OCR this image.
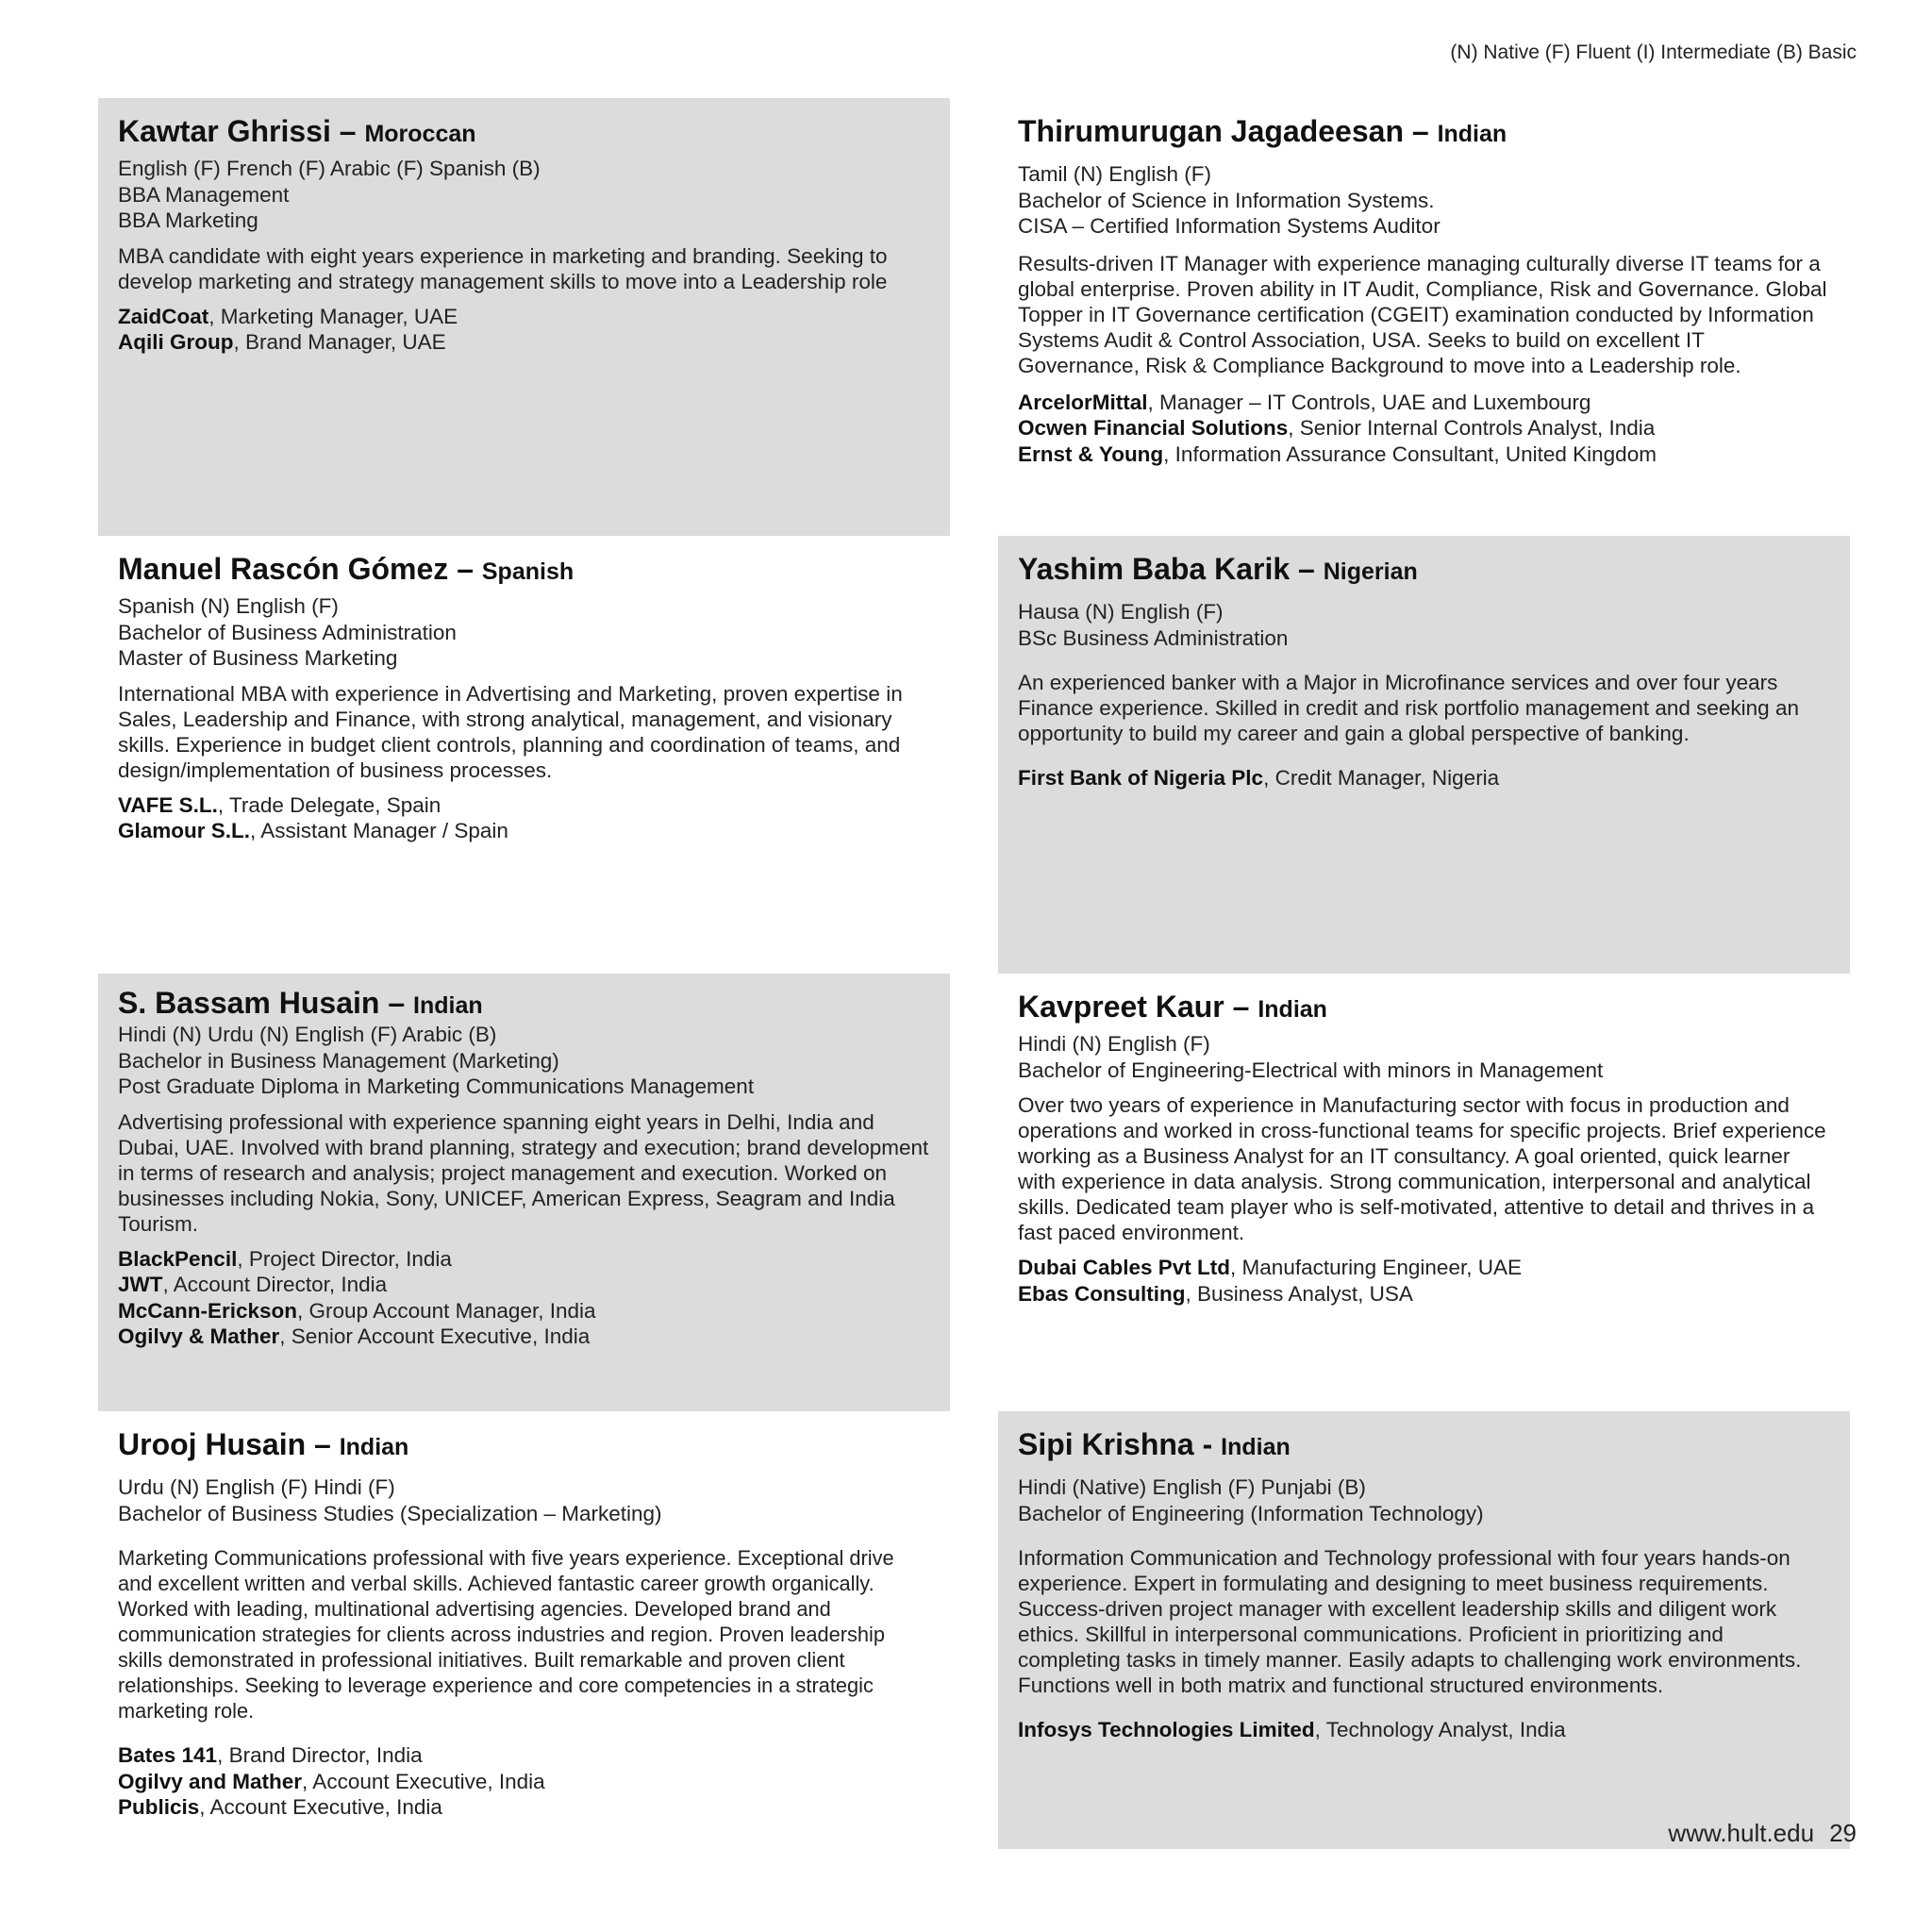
(N) Native (F) Fluent (I) Intermediate (B) Basic
Kawtar Ghrissi – Moroccan
English (F) French (F) Arabic (F) Spanish (B)
BBA Management
BBA Marketing
MBA candidate with eight years experience in marketing and branding. Seeking to develop marketing and strategy management skills to move into a Leadership role
ZaidCoat, Marketing Manager, UAE
Aqili Group, Brand Manager, UAE
Thirumurugan Jagadeesan – Indian
Tamil (N) English (F)
Bachelor of Science in Information Systems.
CISA – Certified Information Systems Auditor
Results-driven IT Manager with experience managing culturally diverse IT teams for a global enterprise. Proven ability in IT Audit, Compliance, Risk and Governance. Global Topper in IT Governance certification (CGEIT) examination conducted by Information Systems Audit & Control Association, USA. Seeks to build on excellent IT Governance, Risk & Compliance Background to move into a Leadership role.
ArcelorMittal, Manager – IT Controls, UAE and Luxembourg
Ocwen Financial Solutions, Senior Internal Controls Analyst, India
Ernst & Young, Information Assurance Consultant, United Kingdom
Manuel Rascón Gómez – Spanish
Spanish (N) English (F)
Bachelor of Business Administration
Master of Business Marketing
International MBA with experience in Advertising and Marketing, proven expertise in Sales, Leadership and Finance, with strong analytical, management, and visionary skills. Experience in budget client controls, planning and coordination of teams, and design/implementation of business processes.
VAFE S.L., Trade Delegate, Spain
Glamour S.L., Assistant Manager / Spain
Yashim Baba Karik – Nigerian
Hausa (N) English (F)
BSc Business Administration
An experienced banker with a Major in Microfinance services and over four years Finance experience. Skilled in credit and risk portfolio management and seeking an opportunity to build my career and gain a global perspective of banking.
First Bank of Nigeria Plc, Credit Manager, Nigeria
S. Bassam Husain – Indian
Hindi (N) Urdu (N) English (F) Arabic (B)
Bachelor in Business Management (Marketing)
Post Graduate Diploma in Marketing Communications Management
Advertising professional with experience spanning eight years in Delhi, India and Dubai, UAE. Involved with brand planning, strategy and execution; brand development in terms of research and analysis; project management and execution. Worked on businesses including Nokia, Sony, UNICEF, American Express, Seagram and India Tourism.
BlackPencil, Project Director, India
JWT, Account Director, India
McCann-Erickson, Group Account Manager, India
Ogilvy & Mather, Senior Account Executive, India
Kavpreet Kaur – Indian
Hindi (N) English (F)
Bachelor of Engineering-Electrical with minors in Management
Over two years of experience in Manufacturing sector with focus in production and operations and worked in cross-functional teams for specific projects. Brief experience working as a Business Analyst for an IT consultancy. A goal oriented, quick learner with experience in data analysis. Strong communication, interpersonal and analytical skills. Dedicated team player who is self-motivated, attentive to detail and thrives in a fast paced environment.
Dubai Cables Pvt Ltd, Manufacturing Engineer, UAE
Ebas Consulting, Business Analyst, USA
Urooj Husain – Indian
Urdu (N) English (F) Hindi (F)
Bachelor of Business Studies (Specialization – Marketing)
Marketing Communications professional with five years experience. Exceptional drive and excellent written and verbal skills. Achieved fantastic career growth organically. Worked with leading, multinational advertising agencies. Developed brand and communication strategies for clients across industries and region. Proven leadership skills demonstrated in professional initiatives. Built remarkable and proven client relationships. Seeking to leverage experience and core competencies in a strategic marketing role.
Bates 141, Brand Director, India
Ogilvy and Mather, Account Executive, India
Publicis, Account Executive, India
Sipi Krishna - Indian
Hindi (Native) English (F) Punjabi (B)
Bachelor of Engineering (Information Technology)
Information Communication and Technology professional with four years hands-on experience. Expert in formulating and designing to meet business requirements. Success-driven project manager with excellent leadership skills and diligent work ethics. Skillful in interpersonal communications. Proficient in prioritizing and completing tasks in timely manner. Easily adapts to challenging work environments. Functions well in both matrix and functional structured environments.
Infosys Technologies Limited, Technology Analyst, India
www.hult.edu 29
